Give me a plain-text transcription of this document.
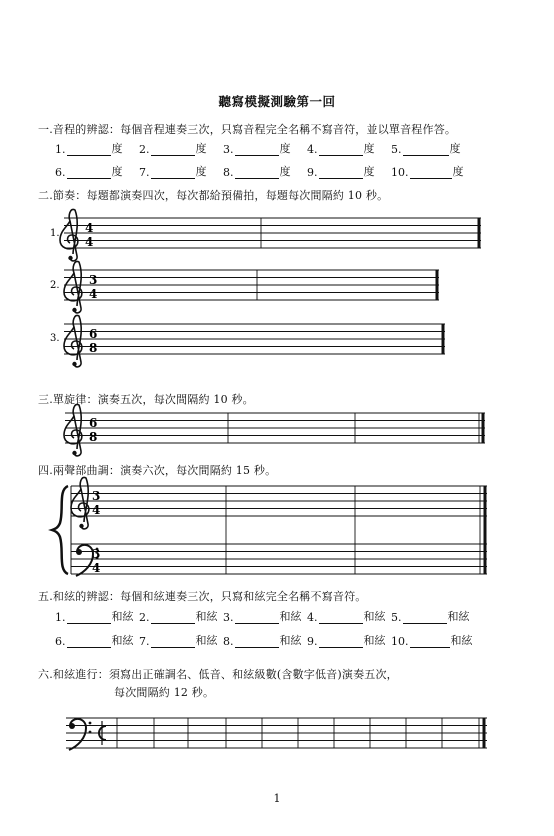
聽寫模擬測驗第一回
一.音程的辨認：每個音程連奏三次，只寫音程完全名稱不寫音符，並以單音程作答。
1.	度 2.	度 3.	度 4.	度 5.	度
6.	度 7.	度 8.	度 9.	度 10.	度
二.節奏：每題都演奏四次，每次都給預備拍，每題每次間隔約 10 秒。
1. 4
4
2. 3
4
3. 6
8
6
8
3
4
3
4
三.單旋律：演奏五次，每次間隔約 10 秒。
四.兩聲部曲調：演奏六次，每次間隔約 15 秒。
五.和絃的辨認：每個和絃連奏三次，只寫和絃完全名稱不寫音符。
1.	和絃 2.	和絃 3.	和絃 4.	和絃 5.	和絃
6.	和絃 7.	和絃 8.	和絃 9.	和絃 10.	和絃
六.和絃進行：須寫出正確調名、低音、和絃級數(含數字低音)演奏五次，
每次間隔約 12 秒。
1
